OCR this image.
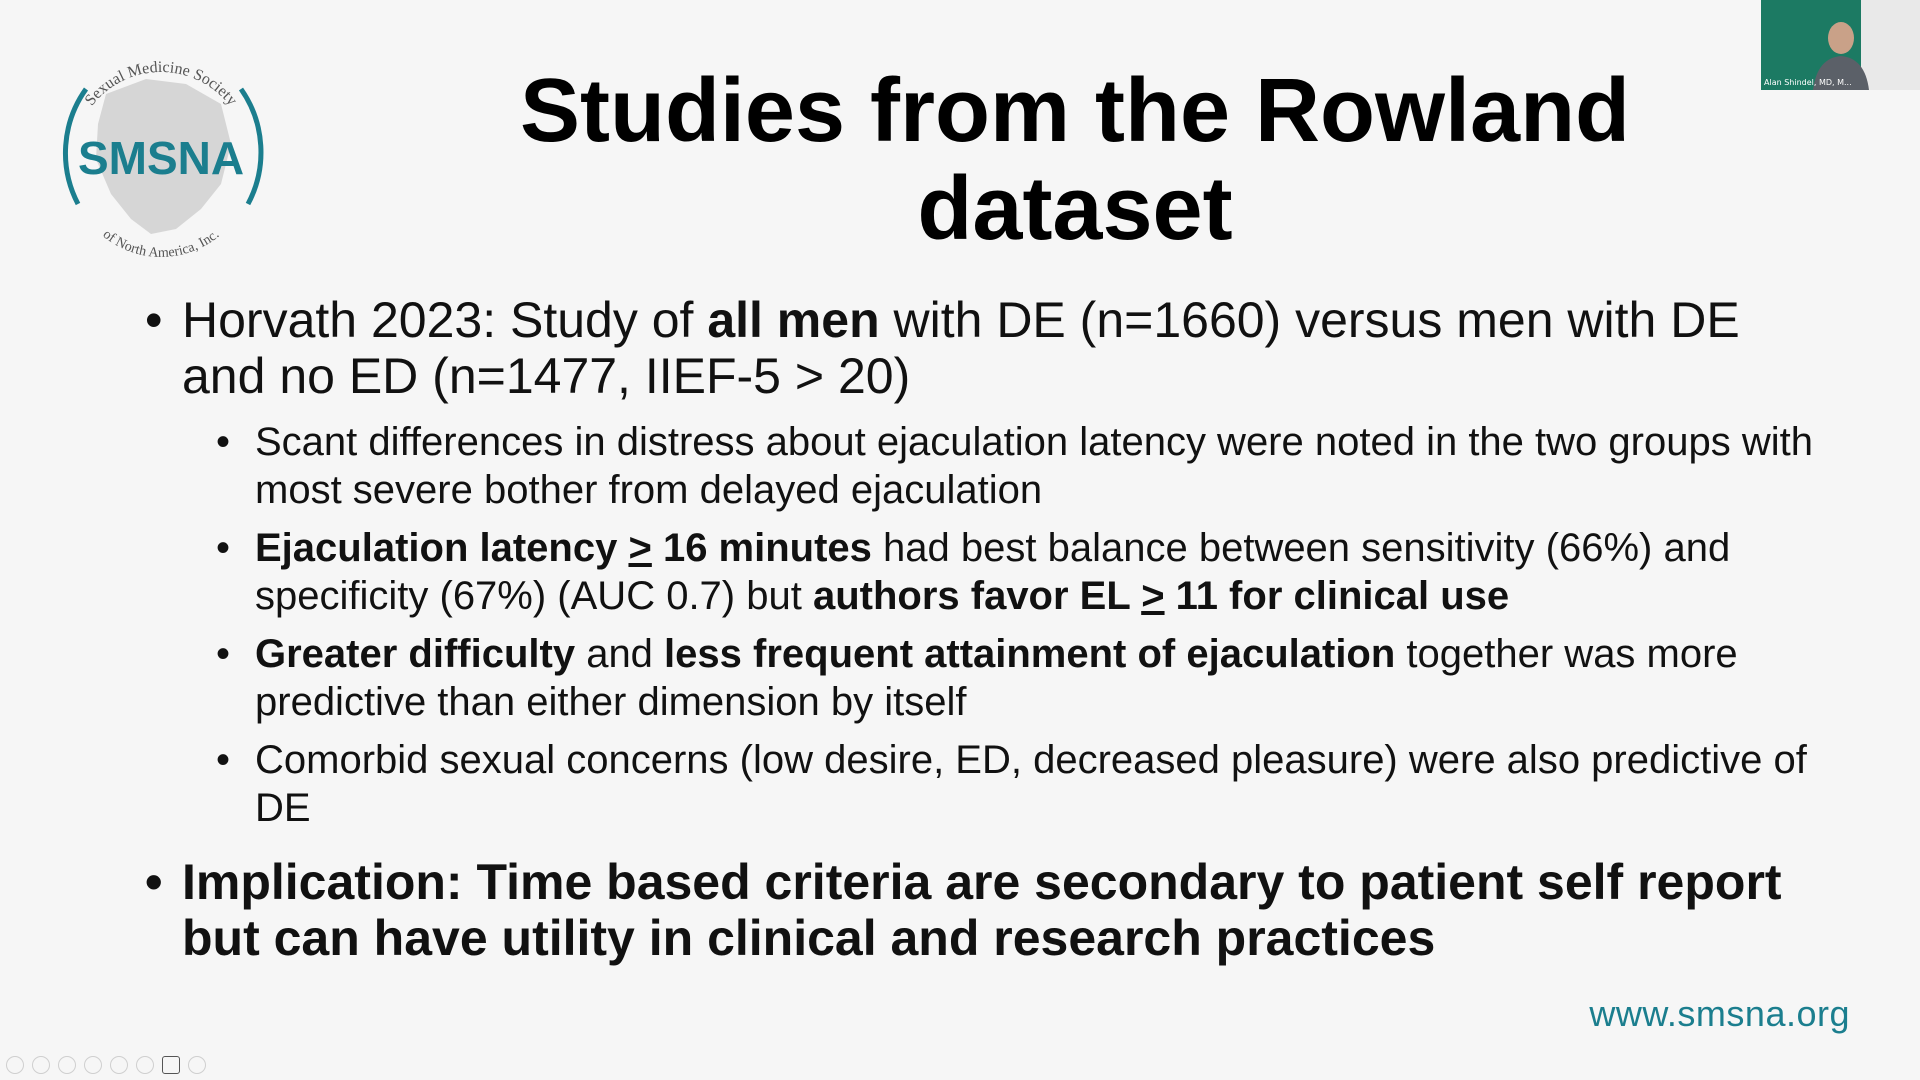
Sexual Medicine Society
SMSNA
of North America, Inc.
Studies from the Rowland
dataset

• Horvath 2023: Study of all men with DE (n=1660) versus men with DE and no ED (n=1477, IIEF-5 > 20)

• Scant differences in distress about ejaculation latency were noted in the two groups with most severe bother from delayed ejaculation

• Ejaculation latency > 16 minutes had best balance between sensitivity (66%) and specificity (67%) (AUC 0.7) but authors favor EL > 11 for clinical use

• Greater difficulty and less frequent attainment of ejaculation together was more predictive than either dimension by itself

• Comorbid sexual concerns (low desire, ED, decreased pleasure) were also predictive of DE

• Implication: Time based criteria are secondary to patient self report but can have utility in clinical and research practices

www.smsna.org
Alan Shindel, MD, M...
